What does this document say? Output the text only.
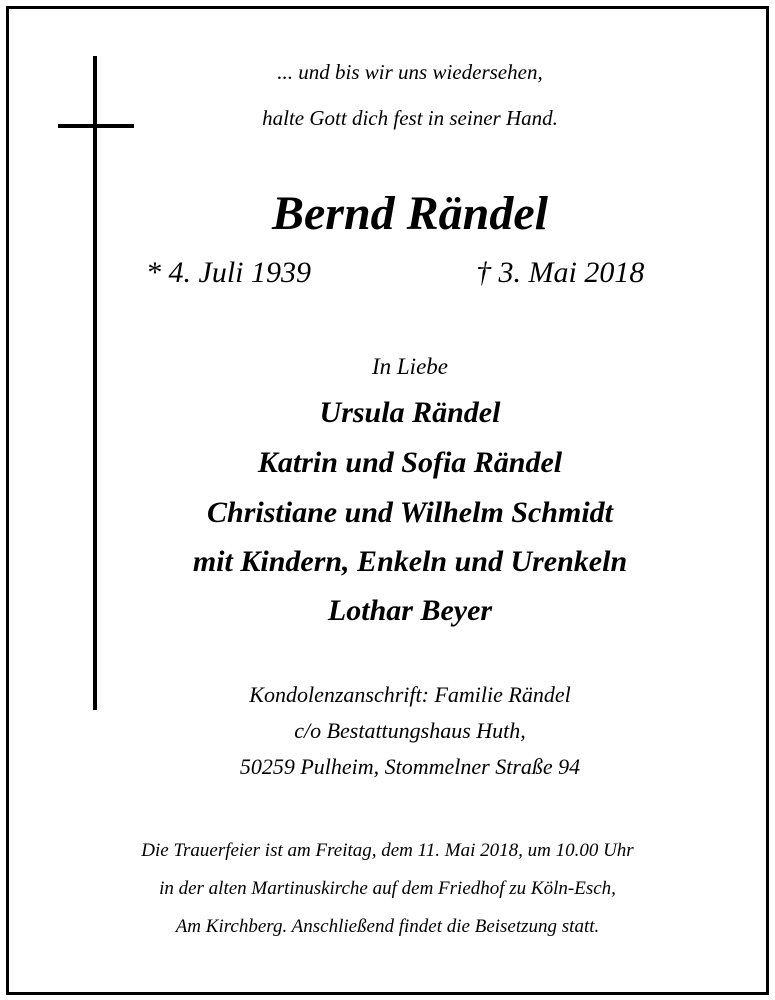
... und bis wir uns wiedersehen,
halte Gott dich fest in seiner Hand.
Bernd Rändel
* 4. Juli 1939	† 3. Mai 2018
In Liebe
Ursula Rändel
Katrin und Sofia Rändel
Christiane und Wilhelm Schmidt
mit Kindern, Enkeln und Urenkeln
Lothar Beyer
Kondolenzanschrift: Familie Rändel
c/o Bestattungshaus Huth,
50259 Pulheim, Stommelner Straße 94
Die Trauerfeier ist am Freitag, dem 11. Mai 2018, um 10.00 Uhr
in der alten Martinuskirche auf dem Friedhof zu Köln-Esch,
Am Kirchberg. Anschließend findet die Beisetzung statt.
